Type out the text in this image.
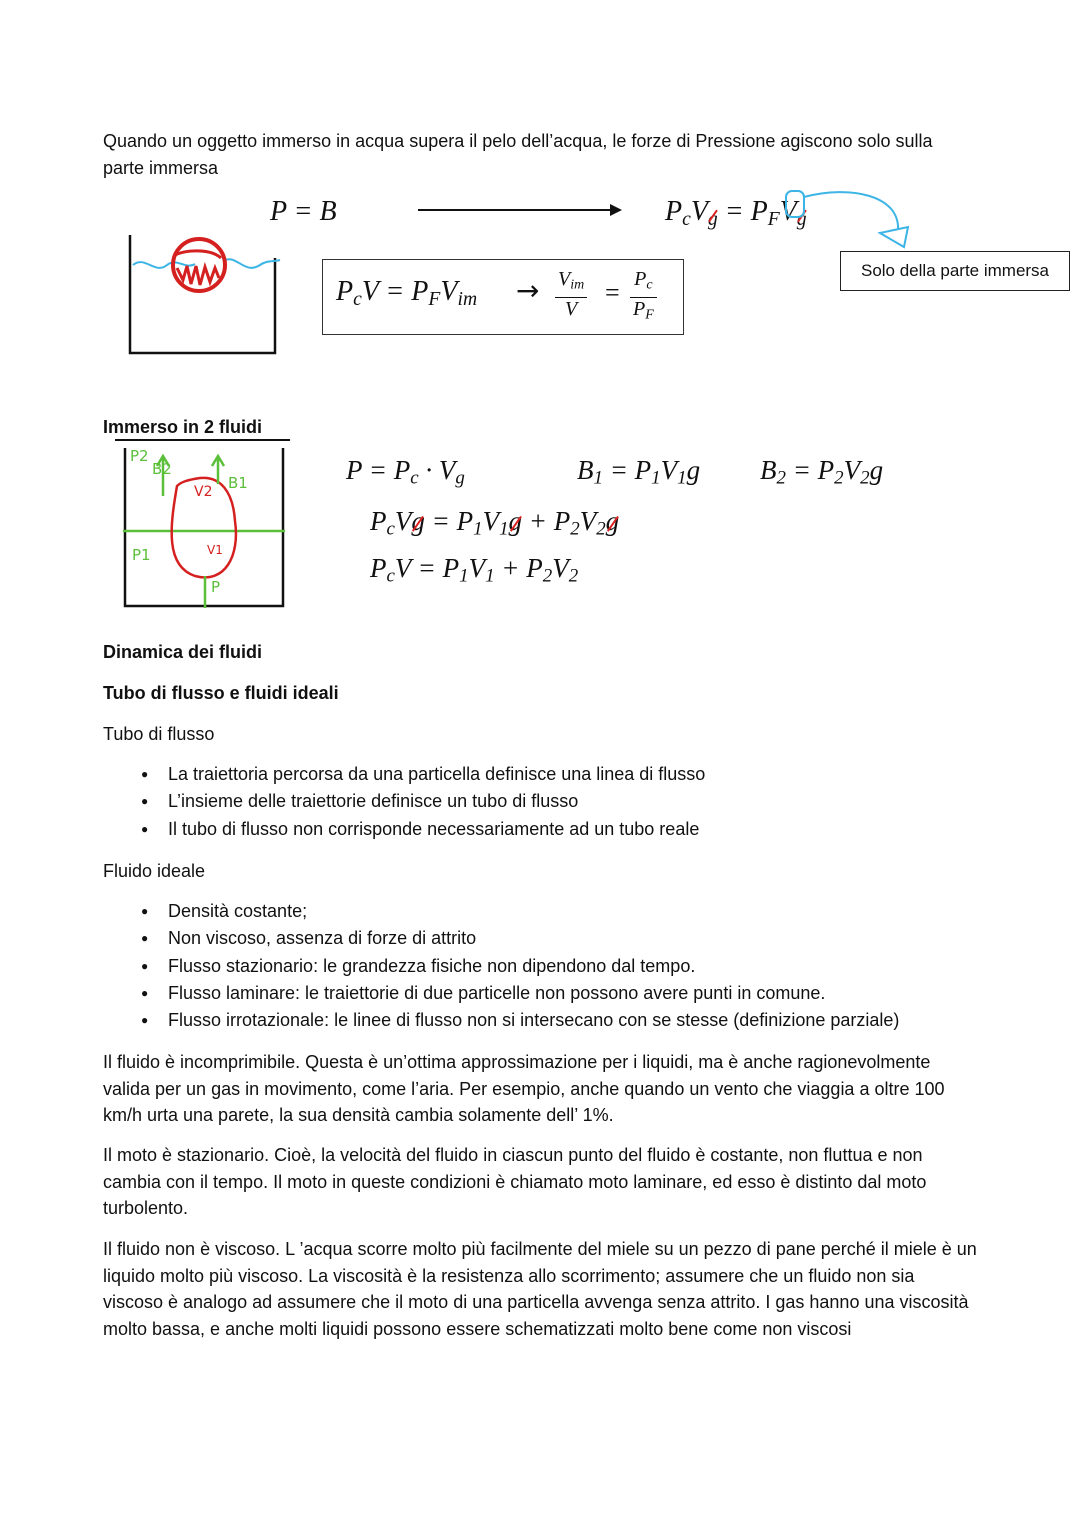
Quando un oggetto immerso in acqua supera il pelo dell’acqua, le forze di Pressione agiscono solo sulla parte immersa
P = B	$P_cV_g = P_FV_g$
Solo della parte immersa
$P_cV = P_FV_{im} \to \frac{V_{im}}{V} = \frac{P_c}{P_F}$
Immerso in 2 fluidi
P2
B2
B1
V2
V1
P
P1
$P = P_c \cdot V_g$	$B_1 = P_1V_1g$ $B_2 = P_2V_2g$
$P_cVg = P_1V_1g + P_2V_2g$
$P_cV = P_1V_1 + P_2V_2$
Dinamica dei fluidi
Tubo di flusso e fluidi ideali
Tubo di flusso
● La traiettoria percorsa da una particella definisce una linea di flusso
● L’insieme delle traiettorie definisce un tubo di flusso
● Il tubo di flusso non corrisponde necessariamente ad un tubo reale
Fluido ideale
● Densità costante;
● Non viscoso, assenza di forze di attrito
● Flusso stazionario: le grandezza fisiche non dipendono dal tempo.
● Flusso laminare: le traiettorie di due particelle non possono avere punti in comune.
● Flusso irrotazionale: le linee di flusso non si intersecano con se stesse (definizione parziale)
Il fluido è incomprimibile. Questa è un’ottima approssimazione per i liquidi, ma è anche ragionevolmente valida per un gas in movimento, come l’aria. Per esempio, anche quando un vento che viaggia a oltre 100 km/h urta una parete, la sua densità cambia solamente dell’ 1%.
Il moto è stazionario. Cioè, la velocità del fluido in ciascun punto del fluido è costante, non fluttua e non cambia con il tempo. Il moto in queste condizioni è chiamato moto laminare, ed esso è distinto dal moto turbolento.
Il fluido non è viscoso. L ’acqua scorre molto più facilmente del miele su un pezzo di pane perché il miele è un liquido molto più viscoso. La viscosità è la resistenza allo scorrimento; assumere che un fluido non sia viscoso è analogo ad assumere che il moto di una particella avvenga senza attrito. I gas hanno una viscosità molto bassa, e anche molti liquidi possono essere schematizzati molto bene come non viscosi
